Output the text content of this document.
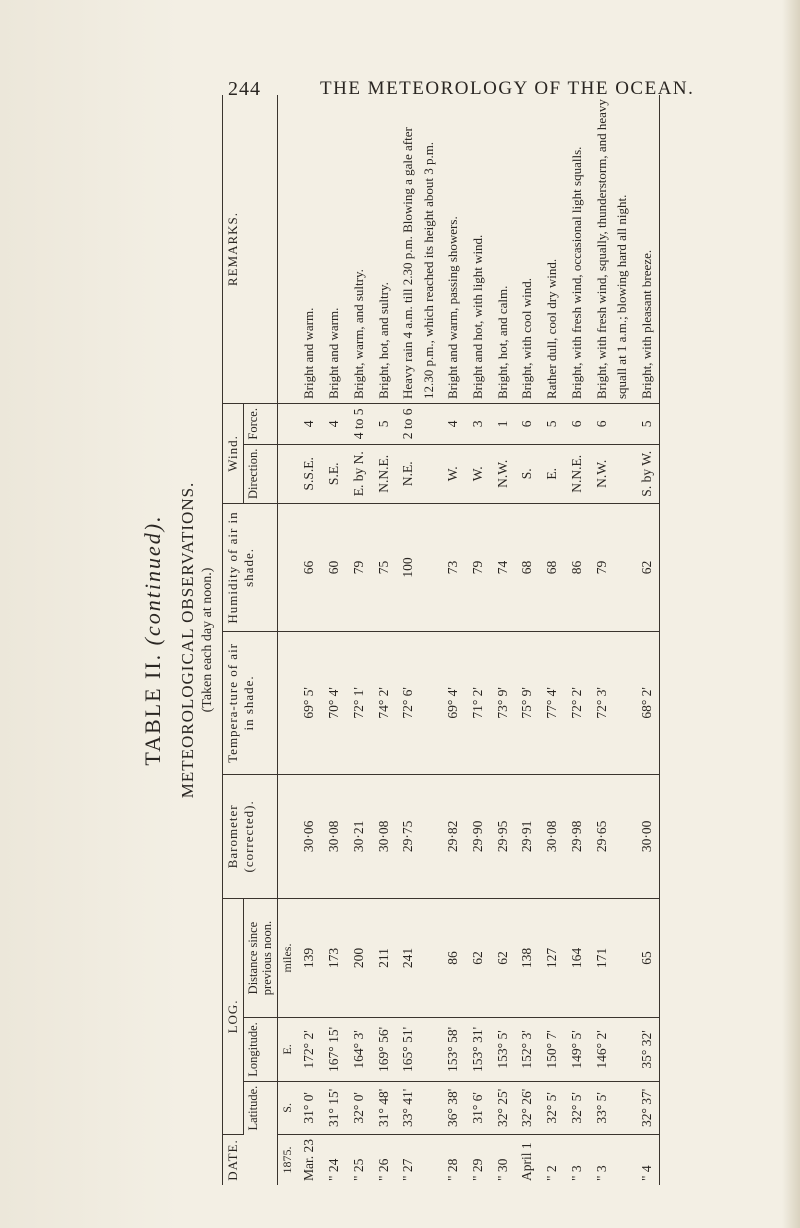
244	THE METEOROLOGY OF THE OCEAN.
TABLE II. (continued). METEOROLOGICAL OBSERVATIONS. (Taken each day at noon.)
DATE.	LOG.			Barometer (corrected).	Tempera-ture of air in shade.	Humidity of air in shade.	Wind.		REMARKS.
	Latitude.	Longitude.	Distance since previous noon.				Direction.	Force.	
1875.	S.	E.	miles.						
Mar. 23	31° 0'	172° 2'	139	30·06	69° 5'	66	S.S.E.	4	Bright and warm.
" 24	31° 15'	167° 15'	173	30·08	70° 4'	60	S.E.	4	Bright and warm.
" 25	32° 0'	164° 3'	200	30·21	72° 1'	79	E. by N.	4 to 5	Bright, warm, and sultry.
" 26	31° 48'	169° 56'	211	30·08	74° 2'	75	N.N.E.	5	Bright, hot, and sultry.
" 27	33° 41'	165° 51'	241	29·75	72° 6'	100	N.E.	2 to 6	Heavy rain 4 a.m. till 2.30 p.m. Blowing a gale after 12.30 p.m., which reached its height about 3 p.m.
" 28	36° 38'	153° 58'	86	29·82	69° 4'	73	W.	4	Bright and warm, passing showers.
" 29	31° 6'	153° 31'	62	29·90	71° 2'	79	W.	3	Bright and hot, with light wind.
" 30	32° 25'	153° 5'	62	29·95	73° 9'	74	N.W.	1	Bright, hot, and calm.
April 1	32° 26'	152° 3'	138	29·91	75° 9'	68	S.	6	Bright, with cool wind.
" 2	32° 5'	150° 7'	127	30·08	77° 4'	68	E.	5	Rather dull, cool dry wind.
" 3	32° 5'	149° 5'	164	29·98	72° 2'	86	N.N.E.	6	Bright, with fresh wind, occasional light squalls.
" 3	33° 5'	146° 2'	171	29·65	72° 3'	79	N.W.	6	Bright, with fresh wind, squally, thunderstorm, and heavy squall at 1 a.m.; blowing hard all night.
" 4	32° 37'	35° 32'	65	30·00	68° 2'	62	S. by W.	5	Bright, with pleasant breeze.
